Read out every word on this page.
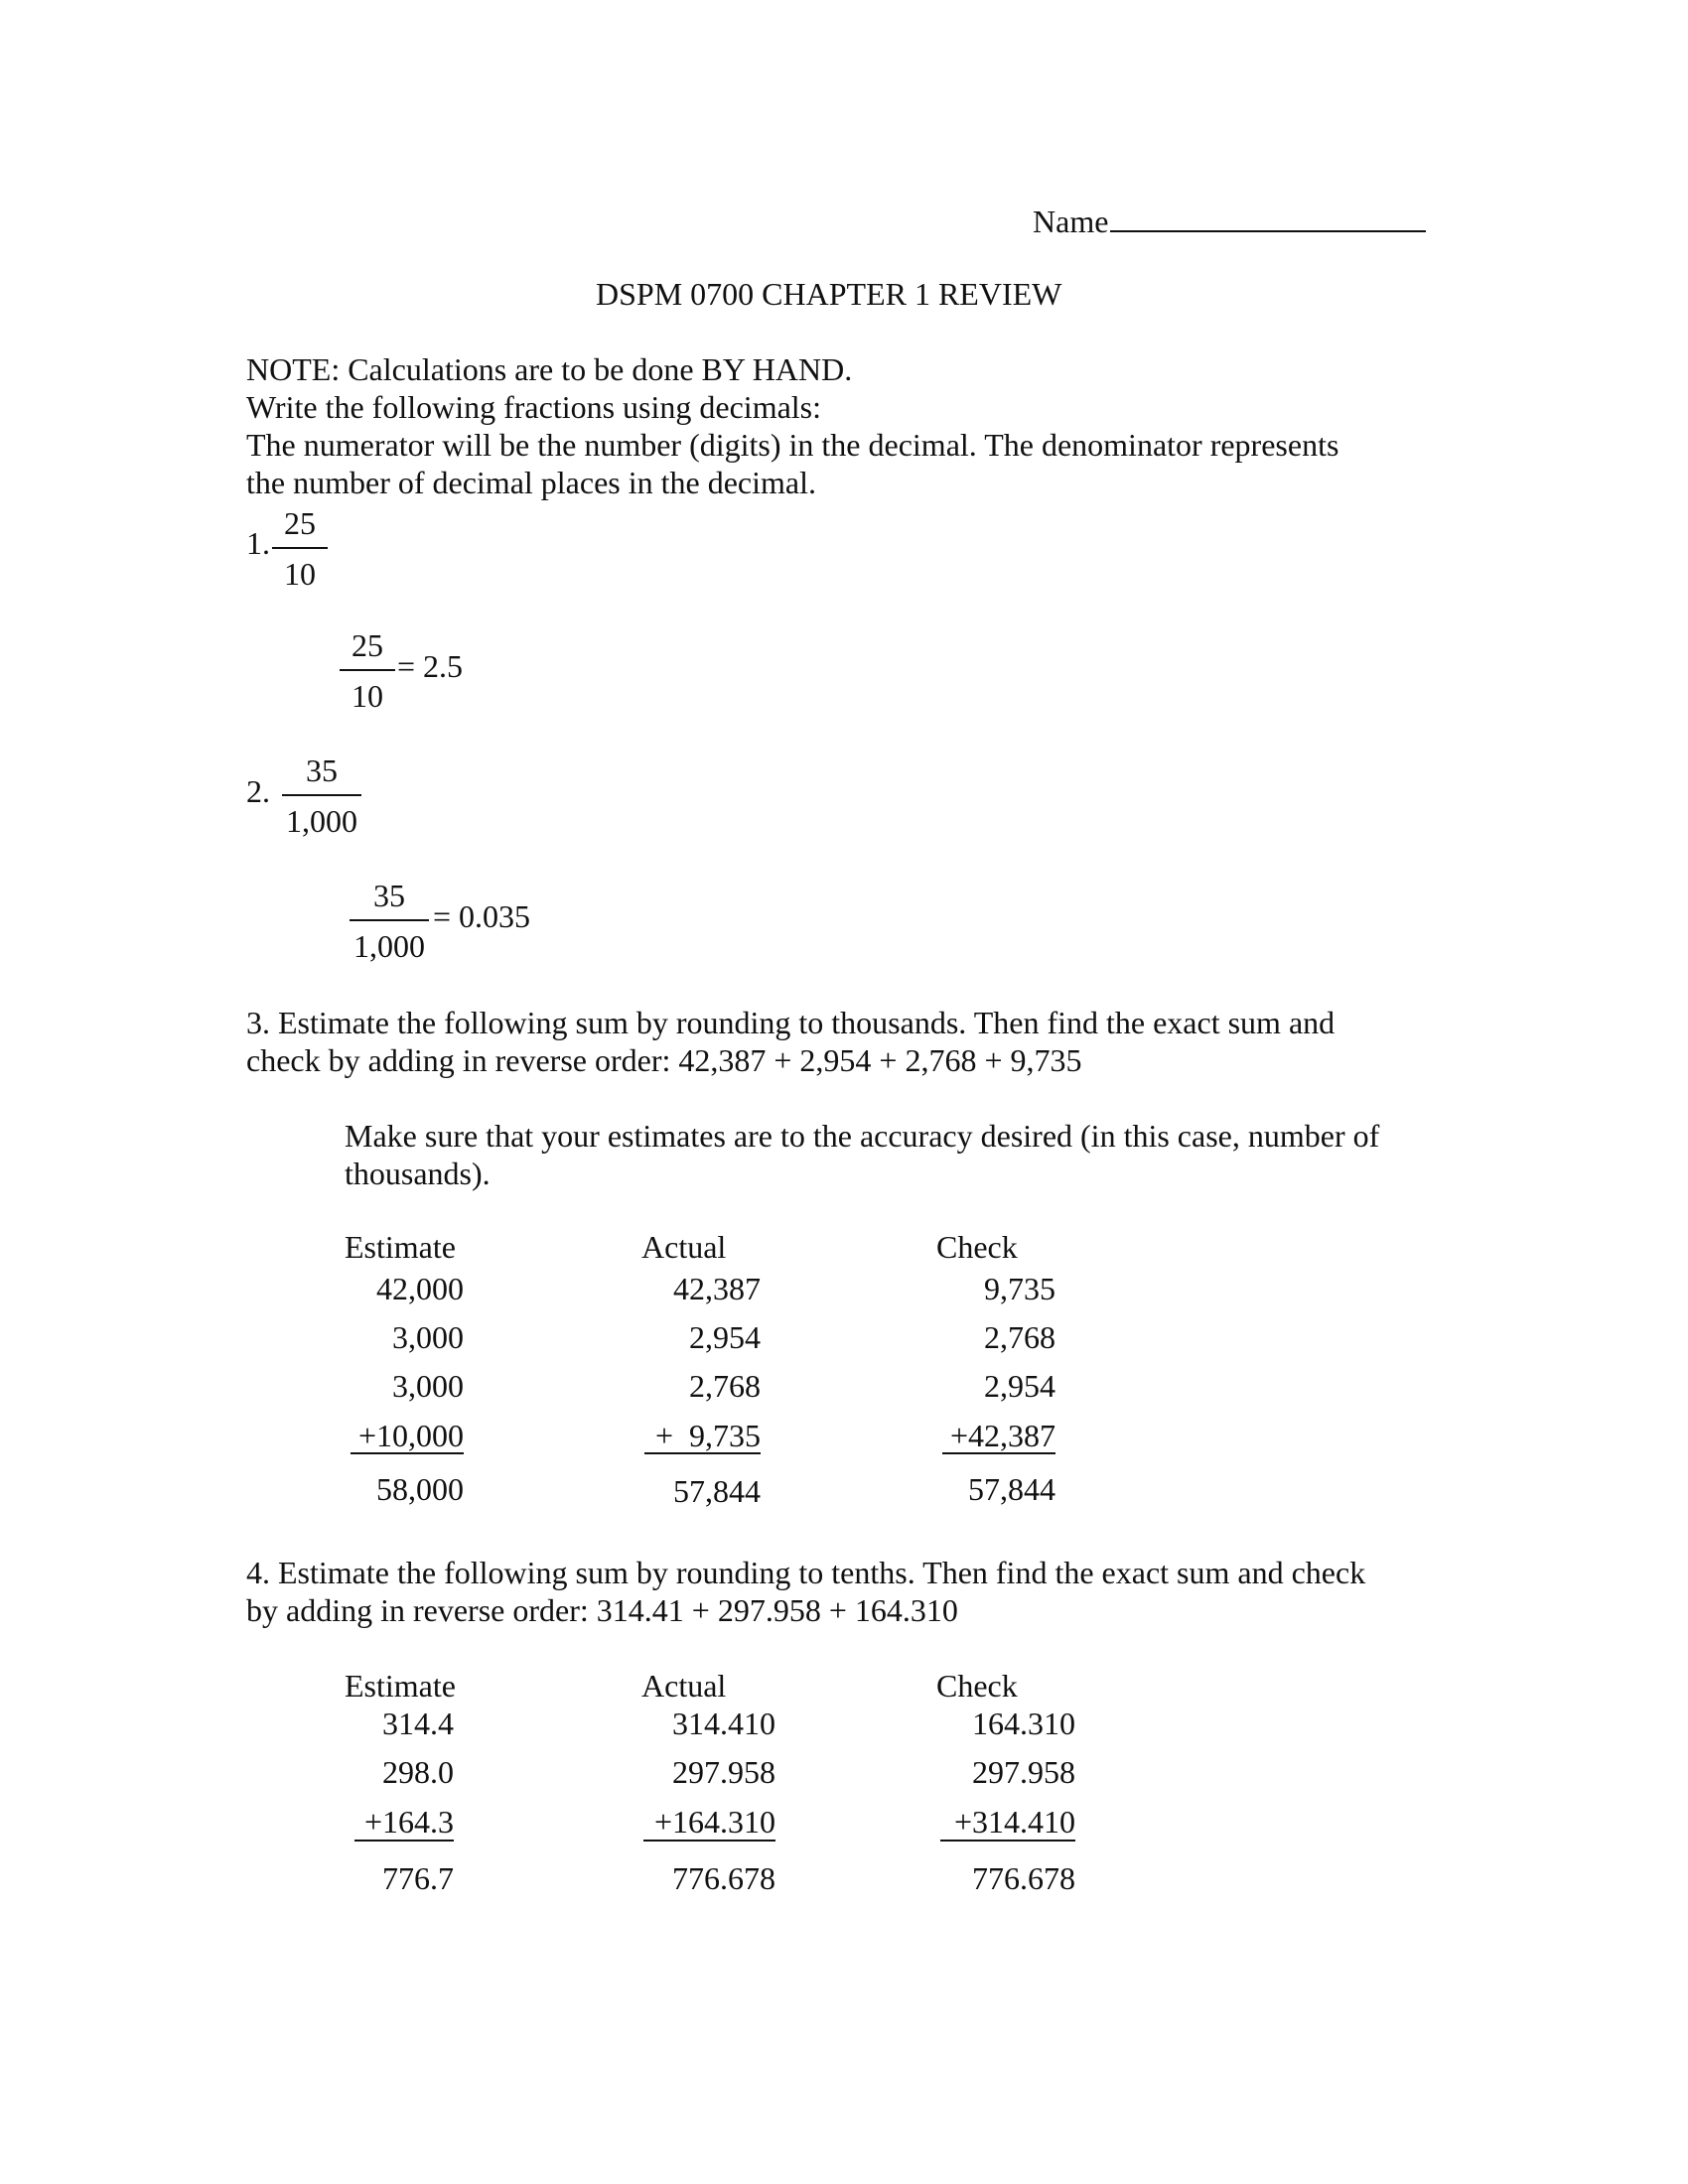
Name
DSPM 0700 CHAPTER 1 REVIEW
NOTE: Calculations are to be done BY HAND.
Write the following fractions using decimals:
The numerator will be the number (digits) in the decimal. The denominator represents
the number of decimal places in the decimal.
1.
25
10
25
10
= 2.5
2.
35
1,000
35
1,000
= 0.035
3. Estimate the following sum by rounding to thousands. Then find the exact sum and
check by adding in reverse order: 42,387 + 2,954 + 2,768 + 9,735
Make sure that your estimates are to the accuracy desired (in this case, number of
thousands).
Estimate
42,000
3,000
3,000
+10,000
58,000
Actual
42,387
2,954
2,768
+  9,735
57,844
Check
9,735
2,768
2,954
+42,387
57,844
4. Estimate the following sum by rounding to tenths. Then find the exact sum and check
by adding in reverse order: 314.41 + 297.958 + 164.310
Estimate
314.4
298.0
+164.3
776.7
Actual
314.410
297.958
+164.310
776.678
Check
164.310
297.958
+314.410
776.678
